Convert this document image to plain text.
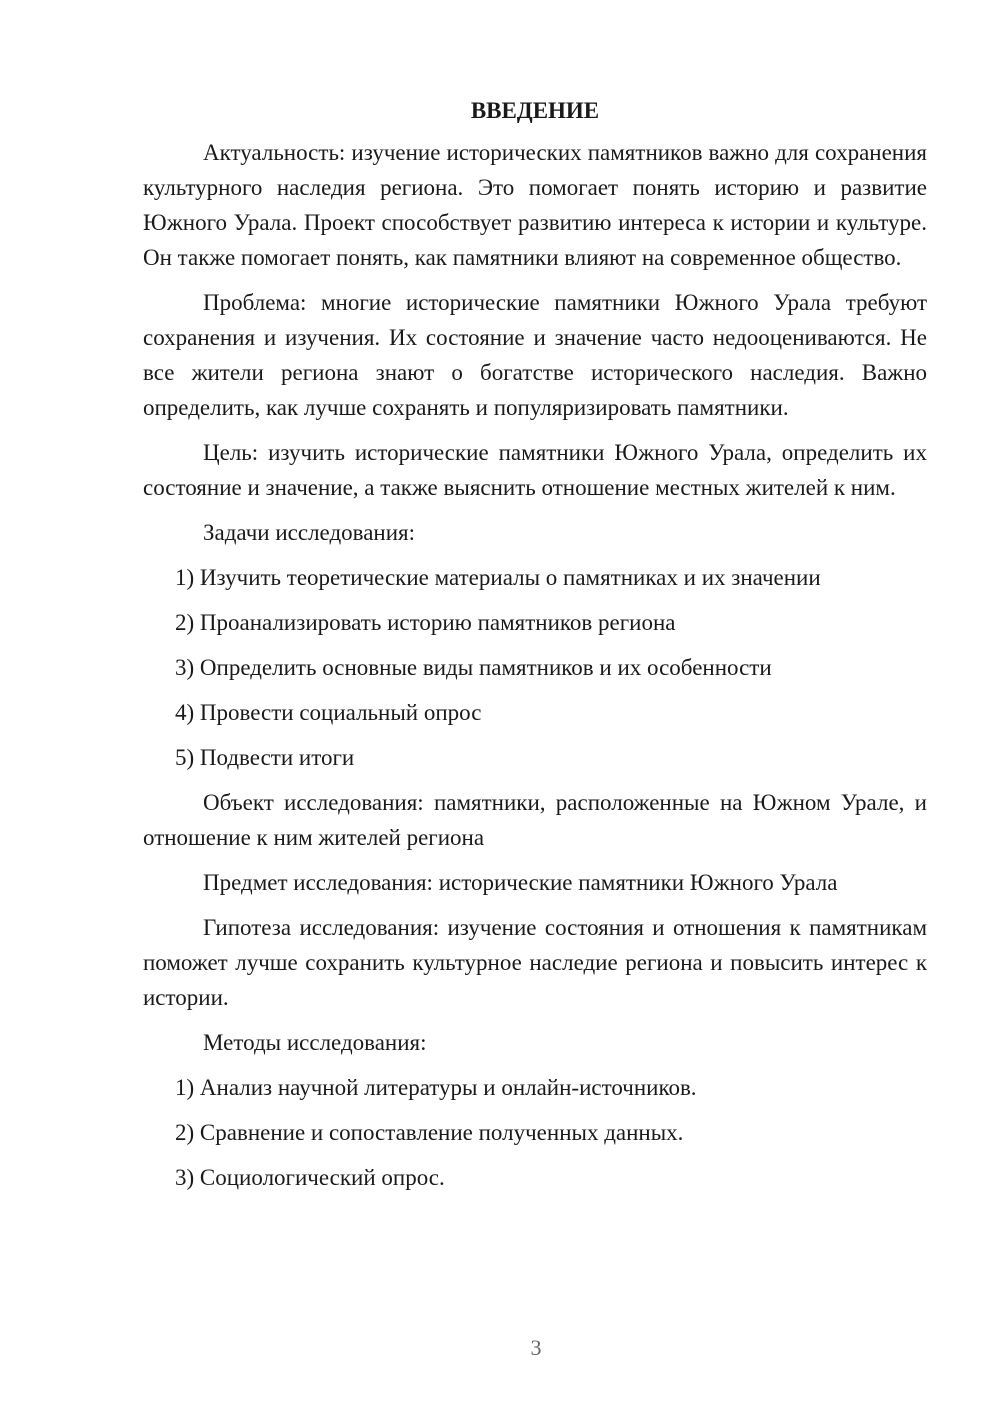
ВВЕДЕНИЕ

Актуальность: изучение исторических памятников важно для сохранения культурного наследия региона. Это помогает понять историю и развитие Южного Урала. Проект способствует развитию интереса к истории и культуре. Он также помогает понять, как памятники влияют на современное общество.

Проблема: многие исторические памятники Южного Урала требуют сохранения и изучения. Их состояние и значение часто недооцениваются. Не все жители региона знают о богатстве исторического наследия. Важно определить, как лучше сохранять и популяризировать памятники.

Цель: изучить исторические памятники Южного Урала, определить их состояние и значение, а также выяснить отношение местных жителей к ним.

Задачи исследования:

1) Изучить теоретические материалы о памятниках и их значении
2) Проанализировать историю памятников региона
3) Определить основные виды памятников и их особенности
4) Провести социальный опрос
5) Подвести итоги

Объект исследования: памятники, расположенные на Южном Урале, и отношение к ним жителей региона

Предмет исследования: исторические памятники Южного Урала

Гипотеза исследования: изучение состояния и отношения к памятникам поможет лучше сохранить культурное наследие региона и повысить интерес к истории.

Методы исследования:

1) Анализ научной литературы и онлайн-источников.
2) Сравнение и сопоставление полученных данных.
3) Социологический опрос.
3
